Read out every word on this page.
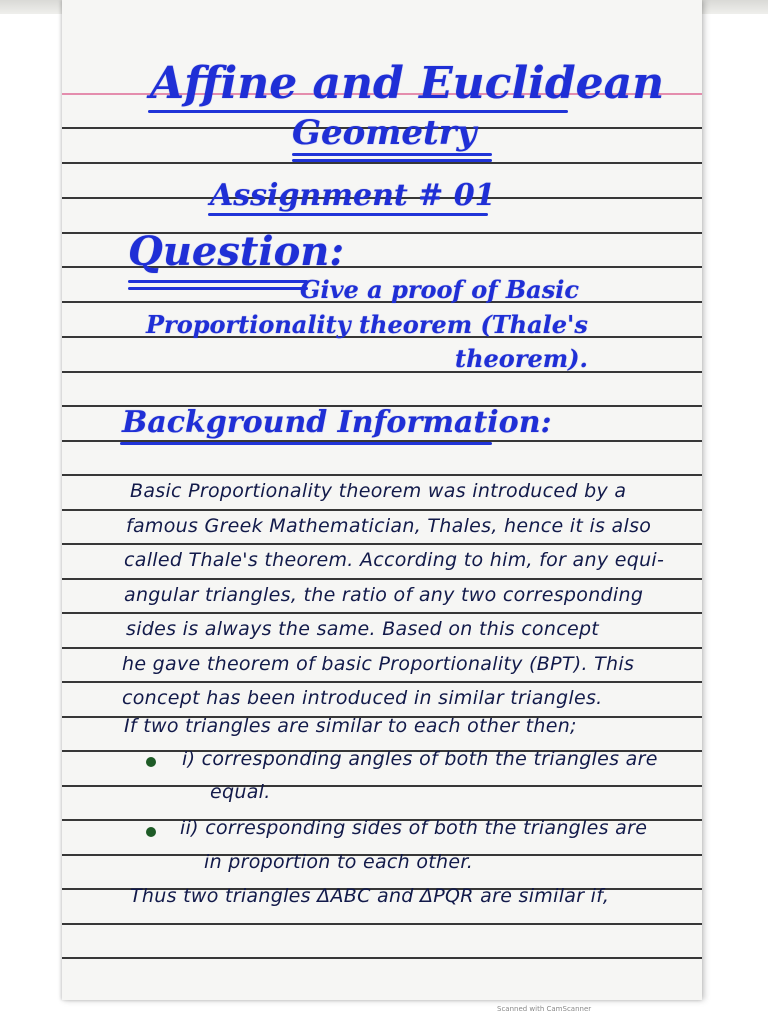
Affine and Euclidean
Geometry
Assignment # 01
Question:
Give a proof of Basic
Proportionality theorem (Thale's
theorem).
Background Information:
Basic Proportionality theorem was introduced by a
famous Greek Mathematician, Thales, hence it is also
called Thale's theorem. According to him, for any equi-
angular triangles, the ratio of any two corresponding
sides is always the same. Based on this concept
he gave theorem of basic Proportionality (BPT). This
concept has been introduced in similar triangles.
If two triangles are similar to each other then;
i) corresponding angles of both the triangles are
equal.
ii) corresponding sides of both the triangles are
in proportion to each other.
Thus two triangles ΔABC and ΔPQR are similar if,
Scanned with CamScanner
